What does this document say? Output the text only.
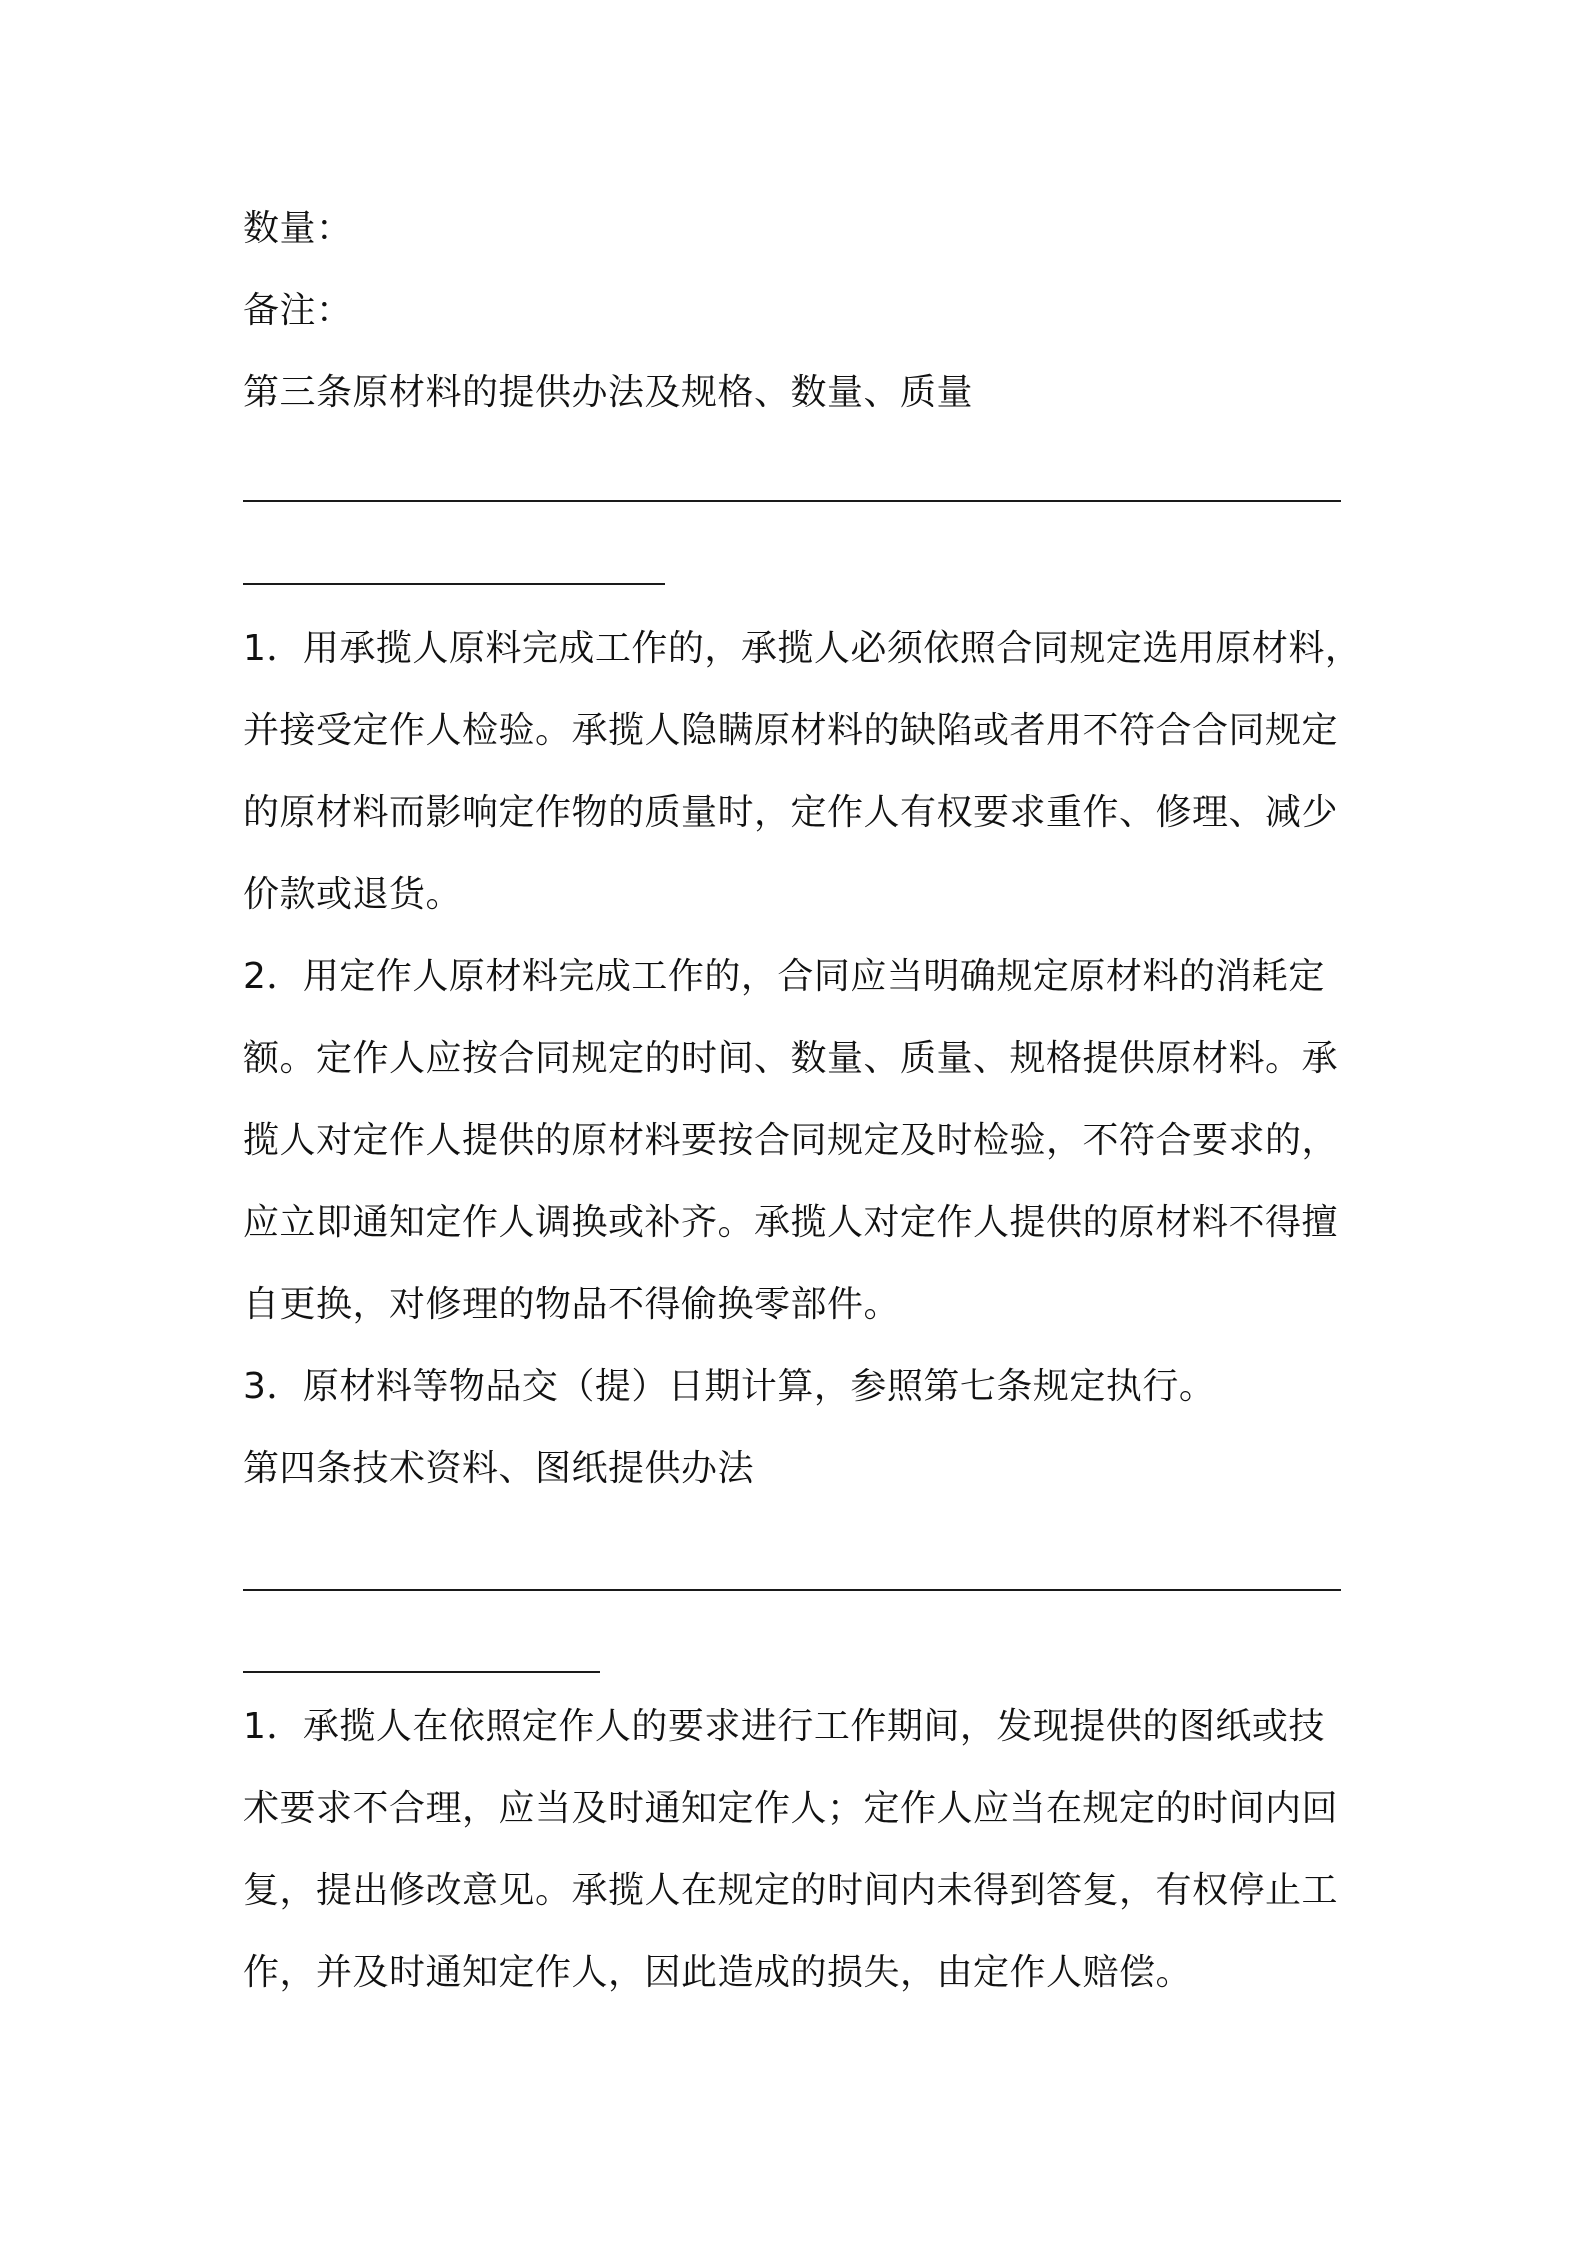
数量：

备注：

第三条原材料的提供办法及规格、数量、质量

1．用承揽人原料完成工作的，承揽人必须依照合同规定选用原材料，

并接受定作人检验。承揽人隐瞒原材料的缺陷或者用不符合合同规定

的原材料而影响定作物的质量时，定作人有权要求重作、修理、减少

价款或退货。

2．用定作人原材料完成工作的，合同应当明确规定原材料的消耗定

额。定作人应按合同规定的时间、数量、质量、规格提供原材料。承

揽人对定作人提供的原材料要按合同规定及时检验，不符合要求的，

应立即通知定作人调换或补齐。承揽人对定作人提供的原材料不得擅

自更换，对修理的物品不得偷换零部件。

3．原材料等物品交（提）日期计算，参照第七条规定执行。

第四条技术资料、图纸提供办法

1．承揽人在依照定作人的要求进行工作期间，发现提供的图纸或技

术要求不合理，应当及时通知定作人；定作人应当在规定的时间内回

复，提出修改意见。承揽人在规定的时间内未得到答复，有权停止工

作，并及时通知定作人，因此造成的损失，由定作人赔偿。
